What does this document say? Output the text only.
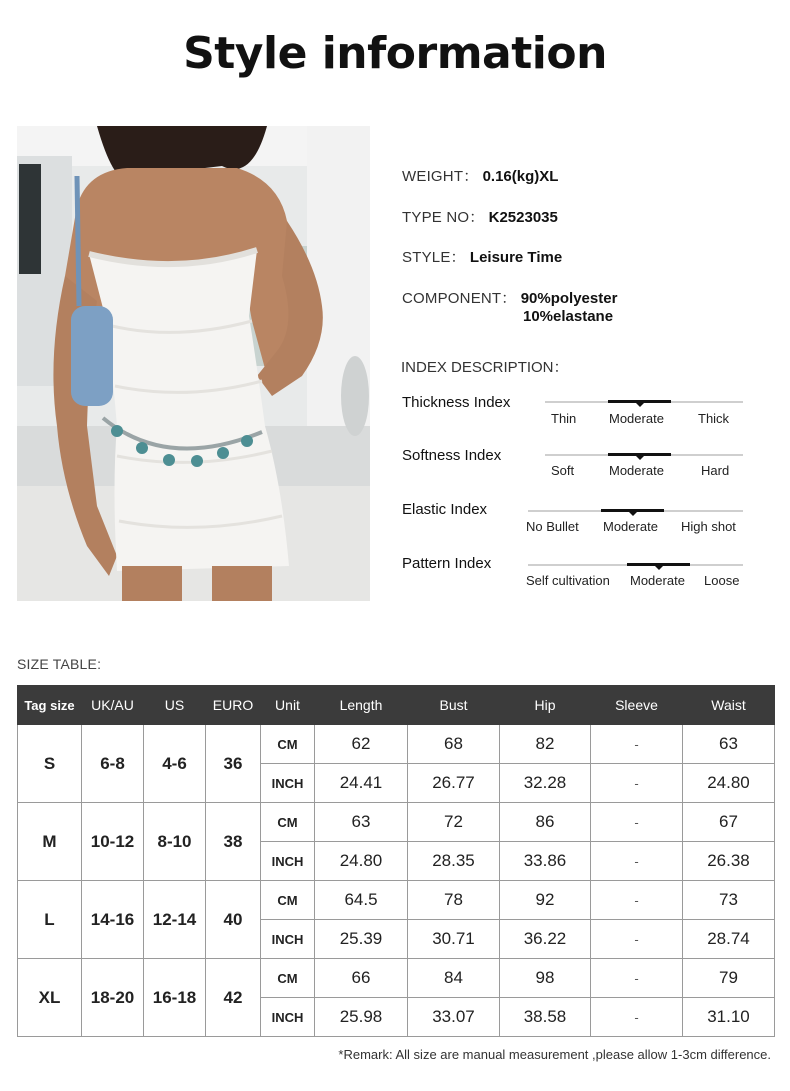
Style information
WEIGHT： 0.16(kg)XL
TYPE NO： K2523035
STYLE： Leisure Time
COMPONENT： 90%polyester
10%elastane
INDEX DESCRIPTION：
Thickness Index
Thin	Moderate	Thick
Softness Index
Soft	Moderate	Hard
Elastic Index
No Bullet Moderate High shot
Pattern Index
Self cultivation Moderate Loose
SIZE TABLE:
Tag size	UK/AU	US	EURO	Unit	Length	Bust	Hip	Sleeve	Waist
S	6-8	4-6	36	CM	62	68	82	-	63
				INCH	24.41	26.77	32.28	-	24.80
M	10-12	8-10	38	CM	63	72	86	-	67
				INCH	24.80	28.35	33.86	-	26.38
L	14-16	12-14	40	CM	64.5	78	92	-	73
				INCH	25.39	30.71	36.22	-	28.74
XL	18-20	16-18	42	CM	66	84	98	-	79
				INCH	25.98	33.07	38.58	-	31.10
*Remark: All size are manual measurement ,please allow 1-3cm difference.
